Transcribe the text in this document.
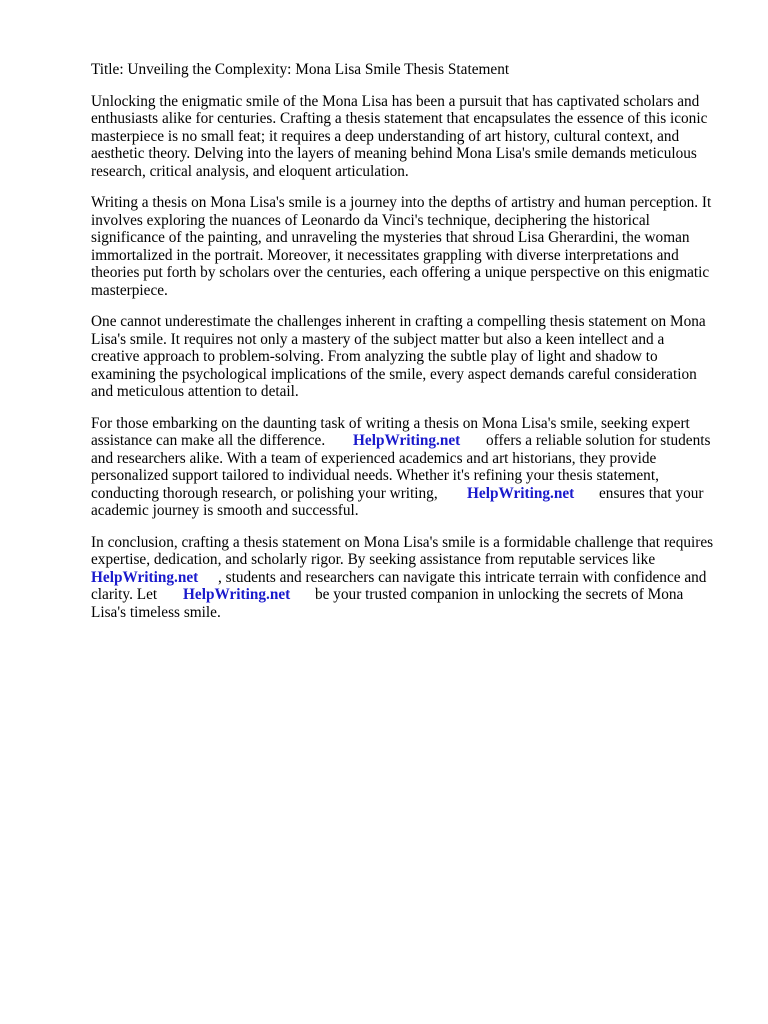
Title: Unveiling the Complexity: Mona Lisa Smile Thesis Statement
Unlocking the enigmatic smile of the Mona Lisa has been a pursuit that has captivated scholars and
enthusiasts alike for centuries. Crafting a thesis statement that encapsulates the essence of this iconic
masterpiece is no small feat; it requires a deep understanding of art history, cultural context, and
aesthetic theory. Delving into the layers of meaning behind Mona Lisa's smile demands meticulous
research, critical analysis, and eloquent articulation.
Writing a thesis on Mona Lisa's smile is a journey into the depths of artistry and human perception. It
involves exploring the nuances of Leonardo da Vinci's technique, deciphering the historical
significance of the painting, and unraveling the mysteries that shroud Lisa Gherardini, the woman
immortalized in the portrait. Moreover, it necessitates grappling with diverse interpretations and
theories put forth by scholars over the centuries, each offering a unique perspective on this enigmatic
masterpiece.
One cannot underestimate the challenges inherent in crafting a compelling thesis statement on Mona
Lisa's smile. It requires not only a mastery of the subject matter but also a keen intellect and a
creative approach to problem-solving. From analyzing the subtle play of light and shadow to
examining the psychological implications of the smile, every aspect demands careful consideration
and meticulous attention to detail.
For those embarking on the daunting task of writing a thesis on Mona Lisa's smile, seeking expert
assistance can make all the difference. HelpWriting.net offers a reliable solution for students
and researchers alike. With a team of experienced academics and art historians, they provide
personalized support tailored to individual needs. Whether it's refining your thesis statement,
conducting thorough research, or polishing your writing, HelpWriting.net ensures that your
academic journey is smooth and successful.
In conclusion, crafting a thesis statement on Mona Lisa's smile is a formidable challenge that requires
expertise, dedication, and scholarly rigor. By seeking assistance from reputable services like
HelpWriting.net , students and researchers can navigate this intricate terrain with confidence and
clarity. Let HelpWriting.net be your trusted companion in unlocking the secrets of Mona
Lisa's timeless smile.
